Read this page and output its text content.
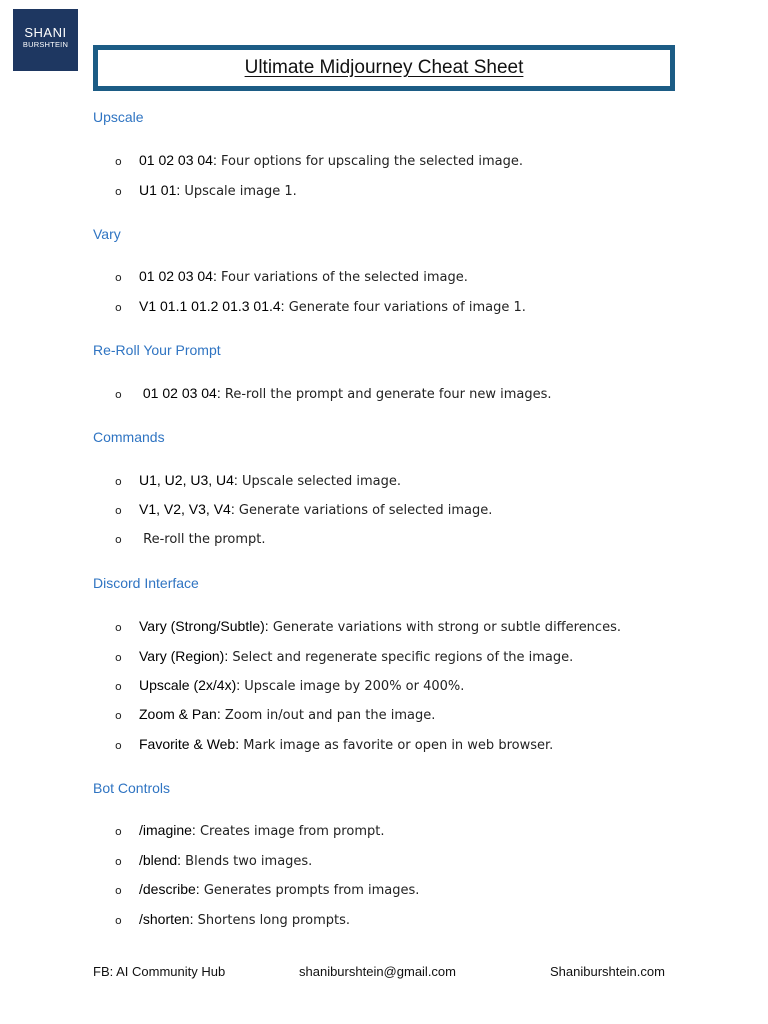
SHANI
BURSHTEIN
Ultimate Midjourney Cheat Sheet
Upscale
o 01 02 03 04: Four options for upscaling the selected image.
o U1 01: Upscale image 1.
Vary
o 01 02 03 04: Four variations of the selected image.
o V1 01.1 01.2 01.3 01.4: Generate four variations of image 1.
Re-Roll Your Prompt
o 01 02 03 04: Re-roll the prompt and generate four new images.
Commands
o U1, U2, U3, U4: Upscale selected image.
o V1, V2, V3, V4: Generate variations of selected image.
o Re-roll the prompt.
Discord Interface
o Vary (Strong/Subtle): Generate variations with strong or subtle differences.
o Vary (Region): Select and regenerate specific regions of the image.
o Upscale (2x/4x): Upscale image by 200% or 400%.
o Zoom & Pan: Zoom in/out and pan the image.
o Favorite & Web: Mark image as favorite or open in web browser.
Bot Controls
o /imagine: Creates image from prompt.
o /blend: Blends two images.
o /describe: Generates prompts from images.
o /shorten: Shortens long prompts.
FB: AI Community Hub	shaniburshtein@gmail.com	Shaniburshtein.com
